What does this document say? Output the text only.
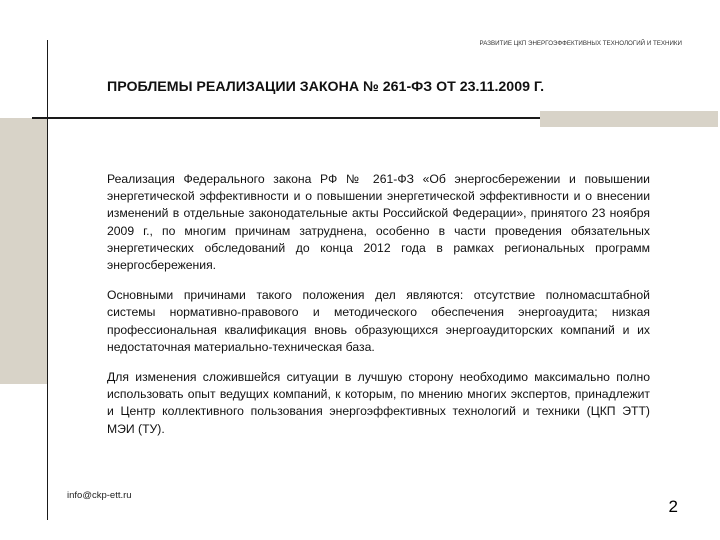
РАЗВИТИЕ ЦКП ЭНЕРГОЭФФЕКТИВНЫХ ТЕХНОЛОГИЙ И ТЕХНИКИ
ПРОБЛЕМЫ РЕАЛИЗАЦИИ ЗАКОНА № 261-ФЗ ОТ 23.11.2009 Г.

Реализация Федерального закона РФ № 261-ФЗ «Об энергосбережении и повышении энергетической эффективности и о повышении энергетической эффективности и о внесении изменений в отдельные законодательные акты Российской Федерации», принятого 23 ноября 2009 г., по многим причинам затруднена, особенно в части проведения обязательных энергетических обследований до конца 2012 года в рамках региональных программ энергосбережения.

Основными причинами такого положения дел являются: отсутствие полномасштабной системы нормативно-правового и методического обеспечения энергоаудита; низкая профессиональная квалификация вновь образующихся энергоаудиторских компаний и их недостаточная материально-техническая база.

Для изменения сложившейся ситуации в лучшую сторону необходимо максимально полно использовать опыт ведущих компаний, к которым, по мнению многих экспертов, принадлежит и Центр коллективного пользования энергоэффективных технологий и техники (ЦКП ЭТТ) МЭИ (ТУ).

info@ckp-ett.ru
2
